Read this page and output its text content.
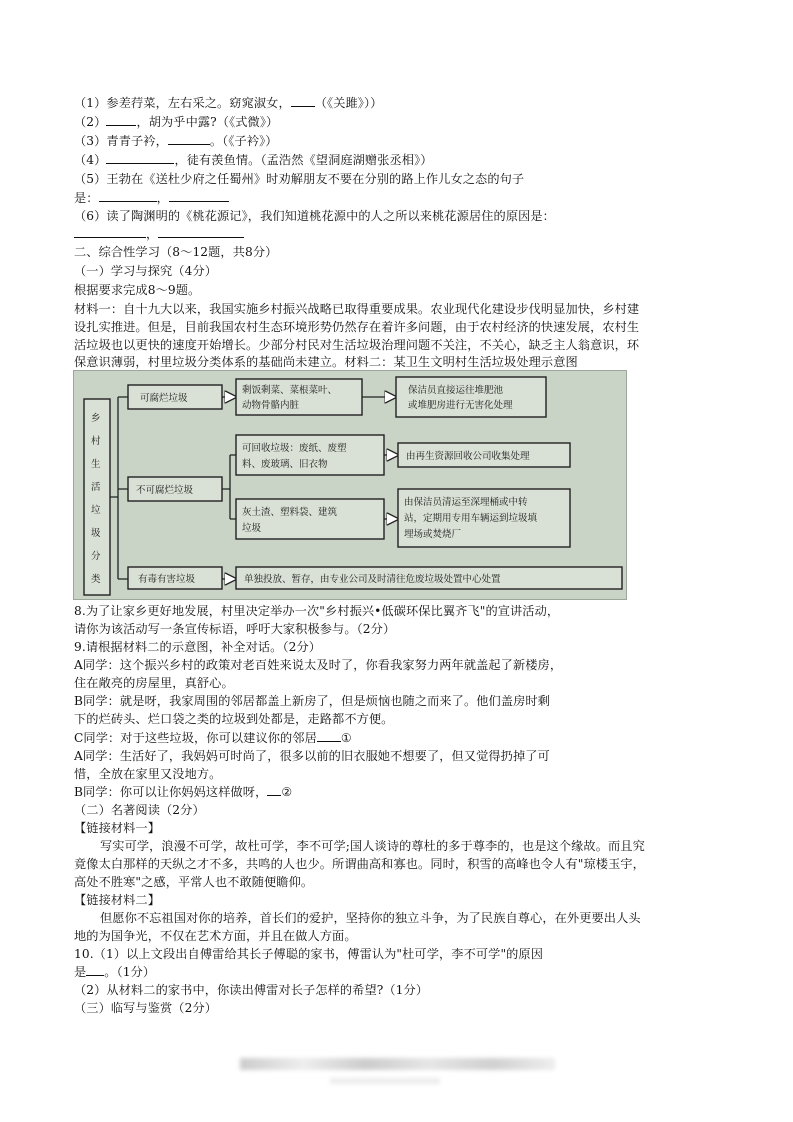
（1）参差荇菜，左右采之。窈窕淑女， （《关雎》））
（2） ，胡为乎中露?（《式微》）
（3）青青子衿，	。（《子衿》）
（4）	，徒有羡鱼情。（孟浩然《望洞庭湖赠张丞相》）
（5）王勃在《送杜少府之任蜀州》时劝解朋友不要在分别的路上作儿女之态的句子
是：	，
（6）读了陶渊明的《桃花源记》，我们知道桃花源中的人之所以来桃花源居住的原因是：
，
二、综合性学习（8～12题，共8分）
（一）学习与探究（4分）
根据要求完成8～9题。
材料一：自十九大以来，我国实施乡村振兴战略已取得重要成果。农业现代化建设步伐明显加快，乡村建
设扎实推进。但是，目前我国农村生态环境形势仍然存在着许多问题，由于农村经济的快速发展，农村生
活垃圾也以更快的速度开始增长。少部分村民对生活垃圾治理问题不关注，不关心，缺乏主人翁意识，环
保意识薄弱，村里垃圾分类体系的基础尚未建立。材料二：某卫生文明村生活垃圾处理示意图
乡
村
生
活
垃
圾
分
类
可腐烂垃圾
不可腐烂垃圾
有毒有害垃圾
剩饭剩菜、菜根菜叶、
动物骨骼内脏
保洁员直接运往堆肥池
或堆肥房进行无害化处理
可回收垃圾：废纸、废塑
料、废玻璃、旧衣物
由再生资源回收公司收集处理
灰土渣、塑料袋、建筑
垃圾
由保洁员清运至深埋桶或中转
站，定期用专用车辆运到垃圾填
埋场或焚烧厂
单独投放、暂存，由专业公司及时清往危废垃圾处置中心处置
8.为了让家乡更好地发展，村里决定举办一次"乡村振兴•低碳环保比翼齐飞"的宣讲活动，
请你为该活动写一条宣传标语，呼吁大家积极参与。（2分）
9.请根据材料二的示意图，补全对话。（2分）
A同学：这个振兴乡村的政策对老百姓来说太及时了，你看我家努力两年就盖起了新楼房，
住在敞亮的房屋里，真舒心。
B同学：就是呀，我家周围的邻居都盖上新房了，但是烦恼也随之而来了。他们盖房时剩
下的烂砖头、烂口袋之类的垃圾到处都是，走路都不方便。
C同学：对于这些垃圾，你可以建议你的邻居 ①
A同学：生活好了，我妈妈可时尚了，很多以前的旧衣服她不想要了，但又觉得扔掉了可
惜，全放在家里又没地方。
B同学：你可以让你妈妈这样做呀， ②
（二）名著阅读（2分）
【链接材料一】
写实可学，浪漫不可学，故杜可学，李不可学;国人谈诗的尊杜的多于尊李的，也是这个缘故。而且究
竟像太白那样的天纵之才不多，共鸣的人也少。所谓曲高和寡也。同时，积雪的高峰也令人有"琼楼玉宇，
高处不胜寒"之感，平常人也不敢随便瞻仰。
【链接材料二】
但愿你不忘祖国对你的培养，首长们的爱护，坚持你的独立斗争，为了民族自尊心，在外更要出人头
地的为国争光，不仅在艺术方面，并且在做人方面。
10.（1）以上文段出自傅雷给其长子傅聪的家书，傅雷认为"杜可学，李不可学"的原因
是 。（1分）
（2）从材料二的家书中，你读出傅雷对长子怎样的希望?（1分）
（三）临写与鉴赏（2分）
